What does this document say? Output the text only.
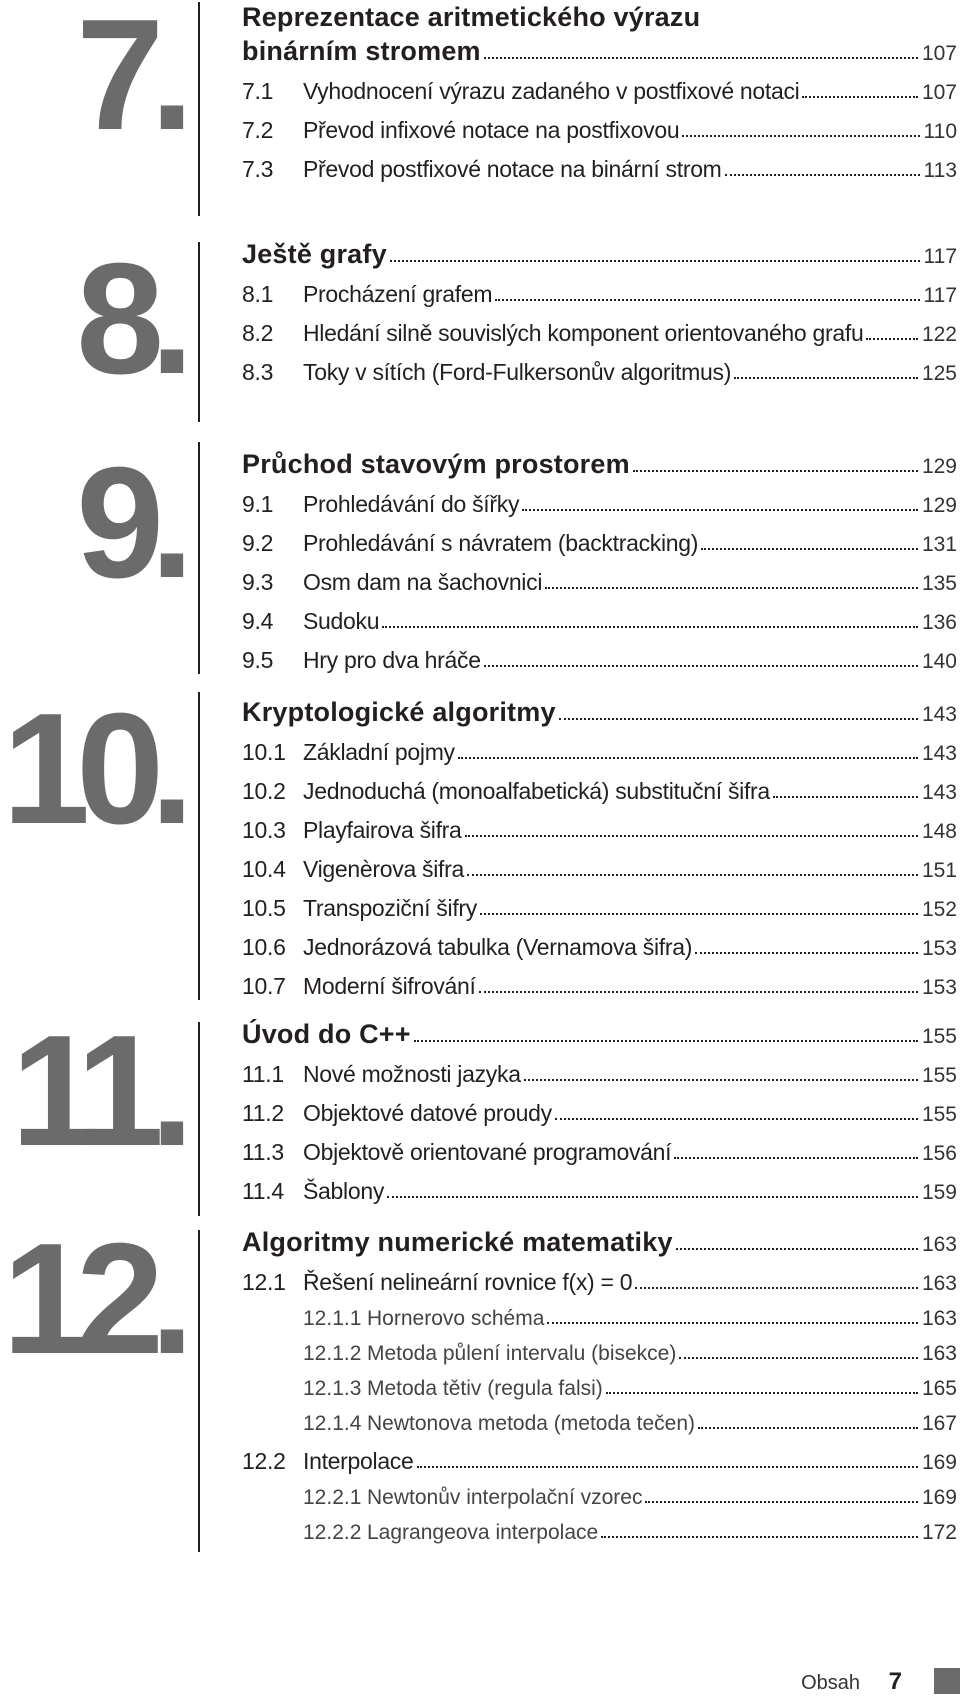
7. Reprezentace aritmetického výrazu
binárním stromem	107
7.1	Vyhodnocení výrazu zadaného v postfixové notaci	107
7.2	Převod infixové notace na postfixovou	110
7.3	Převod postfixové notace na binární strom	113
8. Ještě grafy	117
8.1	Procházení grafem	117
8.2	Hledání silně souvislých komponent orientovaného grafu	122
8.3	Toky v sítích (Ford-Fulkersonův algoritmus)	125
9. Průchod stavovým prostorem	129
9.1	Prohledávání do šířky	129
9.2	Prohledávání s návratem (backtracking)	131
9.3	Osm dam na šachovnici	135
9.4	Sudoku	136
9.5	Hry pro dva hráče	140
10. Kryptologické algoritmy	143
10.1 Základní pojmy	143
10.2 Jednoduchá (monoalfabetická) substituční šifra	143
10.3 Playfairova šifra	148
10.4 Vigenèrova šifra	151
10.5 Transpoziční šifry	152
10.6 Jednorázová tabulka (Vernamova šifra)	153
10.7 Moderní šifrování	153
11. Úvod do C++	155
11.1 Nové možnosti jazyka	155
11.2 Objektové datové proudy	155
11.3 Objektově orientované programování	156
11.4 Šablony	159
12. Algoritmy numerické matematiky	163
12.1 Řešení nelineární rovnice f(x) = 0	163
12.1.1 Hornerovo schéma	163
12.1.2 Metoda půlení intervalu (bisekce)	163
12.1.3 Metoda tětiv (regula falsi)	165
12.1.4 Newtonova metoda (metoda tečen)	167
12.2 Interpolace	169
12.2.1 Newtonův interpolační vzorec	169
12.2.2 Lagrangeova interpolace	172
Obsah 7
